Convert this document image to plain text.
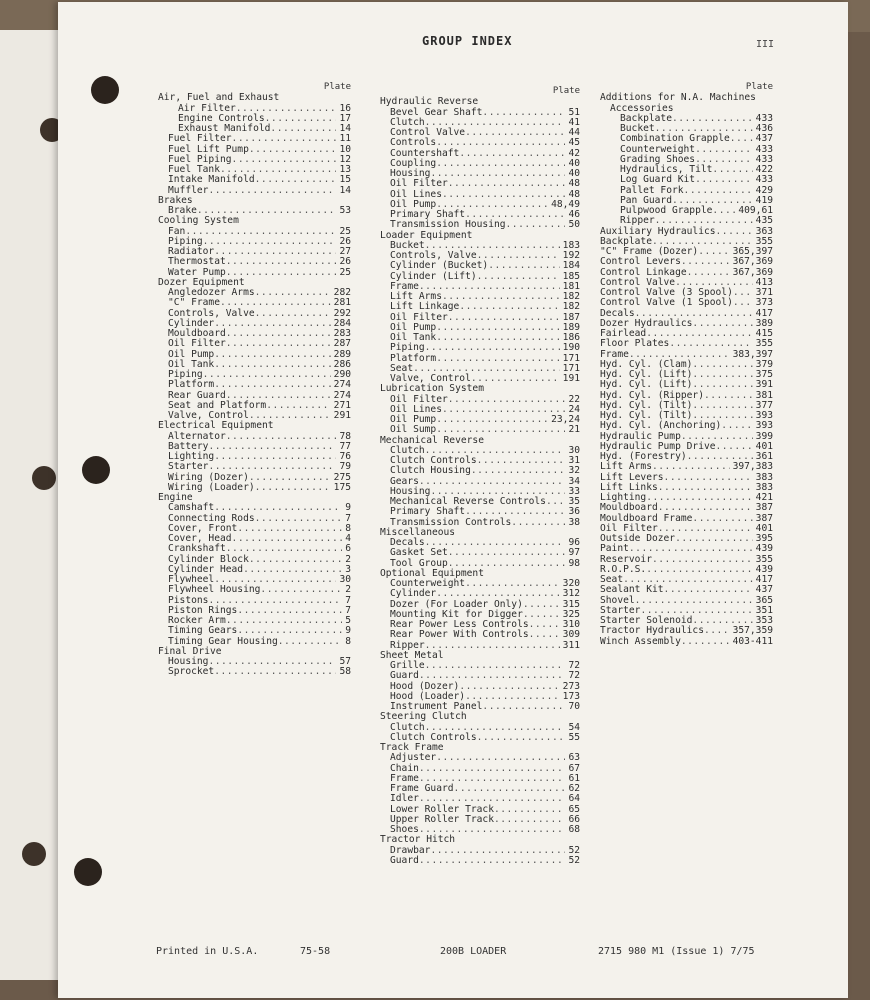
GROUP INDEX	III
Plate
Air, Fuel and Exhaust
Air Filter .....	16
Engine Controls .....	17
Exhaust Manifold .....	14
Fuel Filter .....	11
Fuel Lift Pump .....	10
Fuel Piping .....	12
Fuel Tank .....	13
Intake Manifold .....	15
Muffler .....	14
Brakes
Brake .....	53
Cooling System
Fan .....	25
Piping .....	26
Radiator .....	27
Thermostat .....	26
Water Pump .....	25
Dozer Equipment
Angledozer Arms .....	282
"C" Frame .....	281
Controls, Valve .....	292
Cylinder .....	284
Mouldboard .....	283
Oil Filter .....	287
Oil Pump .....	289
Oil Tank .....	286
Piping .....	290
Platform .....	274
Rear Guard .....	274
Seat and Platform .....	271
Valve, Control .....	291
Electrical Equipment
Alternator .....	78
Battery .....	77
Lighting .....	76
Starter .....	79
Wiring (Dozer) .....	275
Wiring (Loader) .....	175
Engine
Camshaft .....	9
Connecting Rods .....	7
Cover, Front .....	8
Cover, Head .....	4
Crankshaft .....	6
Cylinder Block .....	2
Cylinder Head .....	3
Flywheel .....	30
Flywheel Housing .....	2
Pistons .....	7
Piston Rings .....	7
Rocker Arm .....	5
Timing Gears .....	9
Timing Gear Housing .....	8
Final Drive
Housing .....	57
Sprocket .....	58
Plate
Hydraulic Reverse
Bevel Gear Shaft .....	51
Clutch .....	41
Control Valve .....	44
Controls .....	45
Countershaft .....	42
Coupling .....	40
Housing .....	40
Oil Filter .....	48
Oil Lines .....	48
Oil Pump .....	48,49
Primary Shaft .....	46
Transmission Housing .....	50
Loader Equipment
Bucket .....	183
Controls, Valve .....	192
Cylinder (Bucket) .....	184
Cylinder (Lift) .....	185
Frame .....	181
Lift Arms .....	182
Lift Linkage .....	182
Oil Filter .....	187
Oil Pump .....	189
Oil Tank .....	186
Piping .....	190
Platform .....	171
Seat .....	171
Valve, Control .....	191
Lubrication System
Oil Filter .....	22
Oil Lines .....	24
Oil Pump .....	23,24
Oil Sump .....	21
Mechanical Reverse
Clutch .....	30
Clutch Controls .....	31
Clutch Housing .....	32
Gears .....	34
Housing .....	33
Mechanical Reverse Controls .....	35
Primary Shaft .....	36
Transmission Controls .....	38
Miscellaneous
Decals .....	96
Gasket Set .....	97
Tool Group .....	98
Optional Equipment
Counterweight .....	320
Cylinder .....	312
Dozer (For Loader Only) .....	315
Mounting Kit for Digger .....	325
Rear Power Less Controls .....	310
Rear Power With Controls .....	309
Ripper .....	311
Sheet Metal
Grille .....	72
Guard .....	72
Hood (Dozer) .....	273
Hood (Loader) .....	173
Instrument Panel .....	70
Steering Clutch
Clutch .....	54
Clutch Controls .....	55
Track Frame
Adjuster .....	63
Chain .....	67
Frame .....	61
Frame Guard .....	62
Idler .....	64
Lower Roller Track .....	65
Upper Roller Track .....	66
Shoes .....	68
Tractor Hitch
Drawbar .....	52
Guard .....	52
Plate
Additions for N.A. Machines
Accessories
Backplate .....	433
Bucket .....	436
Combination Grapple .....	437
Counterweight .....	433
Grading Shoes .....	433
Hydraulics, Tilt .....	422
Log Guard Kit .....	433
Pallet Fork .....	429
Pan Guard .....	419
Pulpwood Grapple .....	409,61
Ripper .....	435
Auxiliary Hydraulics .....	363
Backplate .....	355
"C" Frame (Dozer) .....	365,397
Control Levers .....	367,369
Control Linkage .....	367,369
Control Valve .....	413
Control Valve (3 Spool) .....	371
Control Valve (1 Spool) .....	373
Decals .....	417
Dozer Hydraulics .....	389
Fairlead .....	415
Floor Plates .....	355
Frame .....	383,397
Hyd. Cyl. (Clam) .....	379
Hyd. Cyl. (Lift) .....	375
Hyd. Cyl. (Lift) .....	391
Hyd. Cyl. (Ripper) .....	381
Hyd. Cyl. (Tilt) .....	377
Hyd. Cyl. (Tilt) .....	393
Hyd. Cyl. (Anchoring) .....	393
Hydraulic Pump .....	399
Hydraulic Pump Drive .....	401
Hyd. (Forestry) .....	361
Lift Arms .....	397,383
Lift Levers .....	383
Lift Links .....	383
Lighting .....	421
Mouldboard .....	387
Mouldboard Frame .....	387
Oil Filter .....	401
Outside Dozer .....	395
Paint .....	439
Reservoir .....	355
R.O.P.S. .....	439
Seat .....	417
Sealant Kit .....	437
Shovel .....	365
Starter .....	351
Starter Solenoid .....	353
Tractor Hydraulics .....	357,359
Winch Assembly .....	403-411
Printed in U.S.A.	75-58	200B LOADER	2715 980 M1 (Issue 1) 7/75
